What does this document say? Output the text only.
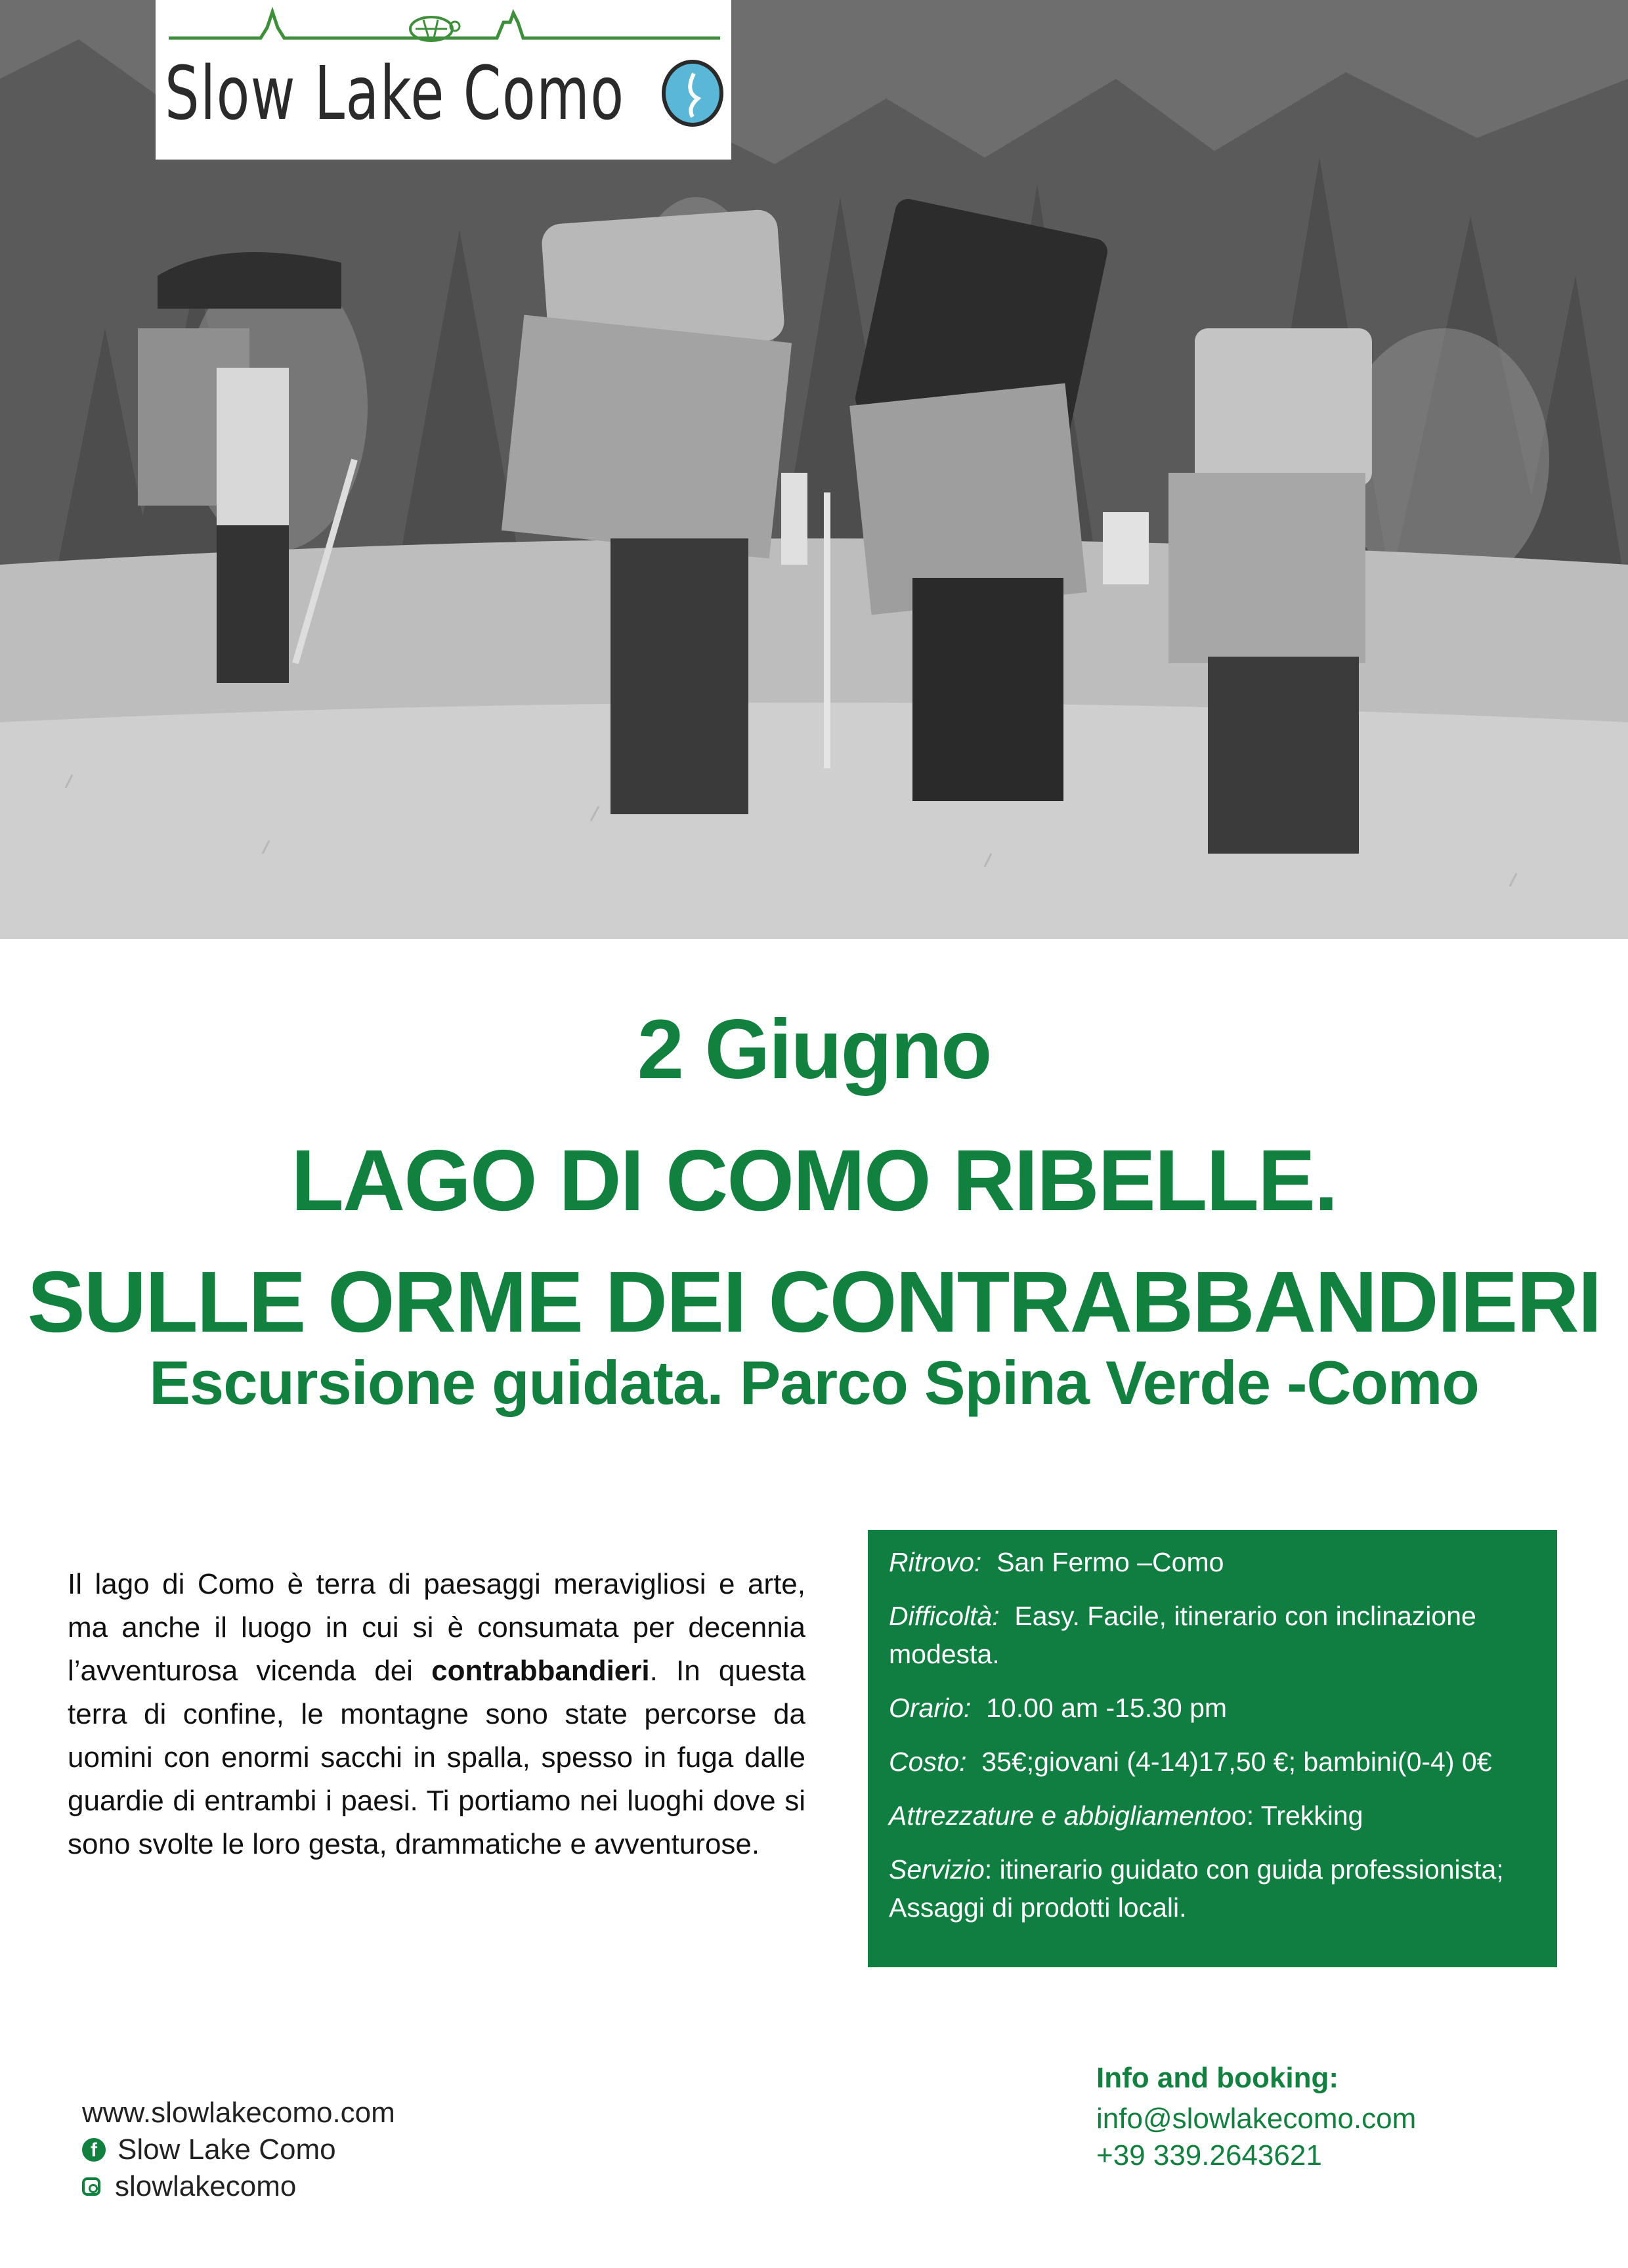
Slow Lake Como
2 Giugno
LAGO DI COMO RIBELLE.
SULLE ORME DEI CONTRABBANDIERI
Escursione guidata. Parco Spina Verde -Como
Il lago di Como è terra di paesaggi meravigliosi e arte, ma anche il luogo in cui si è consumata per decennia l’avventurosa vicenda dei contrabbandieri. In questa terra di confine, le montagne sono state percorse da uomini con enormi sacchi in spalla, spesso in fuga dalle guardie di entrambi i paesi. Ti portiamo nei luoghi dove si sono svolte le loro gesta, drammatiche e avventurose.
Ritrovo: San Fermo –Como
Difficoltà: Easy. Facile, itinerario con inclinazione modesta.
Orario: 10.00 am -15.30 pm
Costo: 35€;giovani (4-14)17,50 €; bambini(0-4) 0€
Attrezzature e abbigliamentoo: Trekking
Servizio: itinerario guidato con guida professionista; Assaggi di prodotti locali.
www.slowlakecomo.com
f Slow Lake Como
slowlakecomo
Info and booking:
info@slowlakecomo.com
+39 339.2643621
